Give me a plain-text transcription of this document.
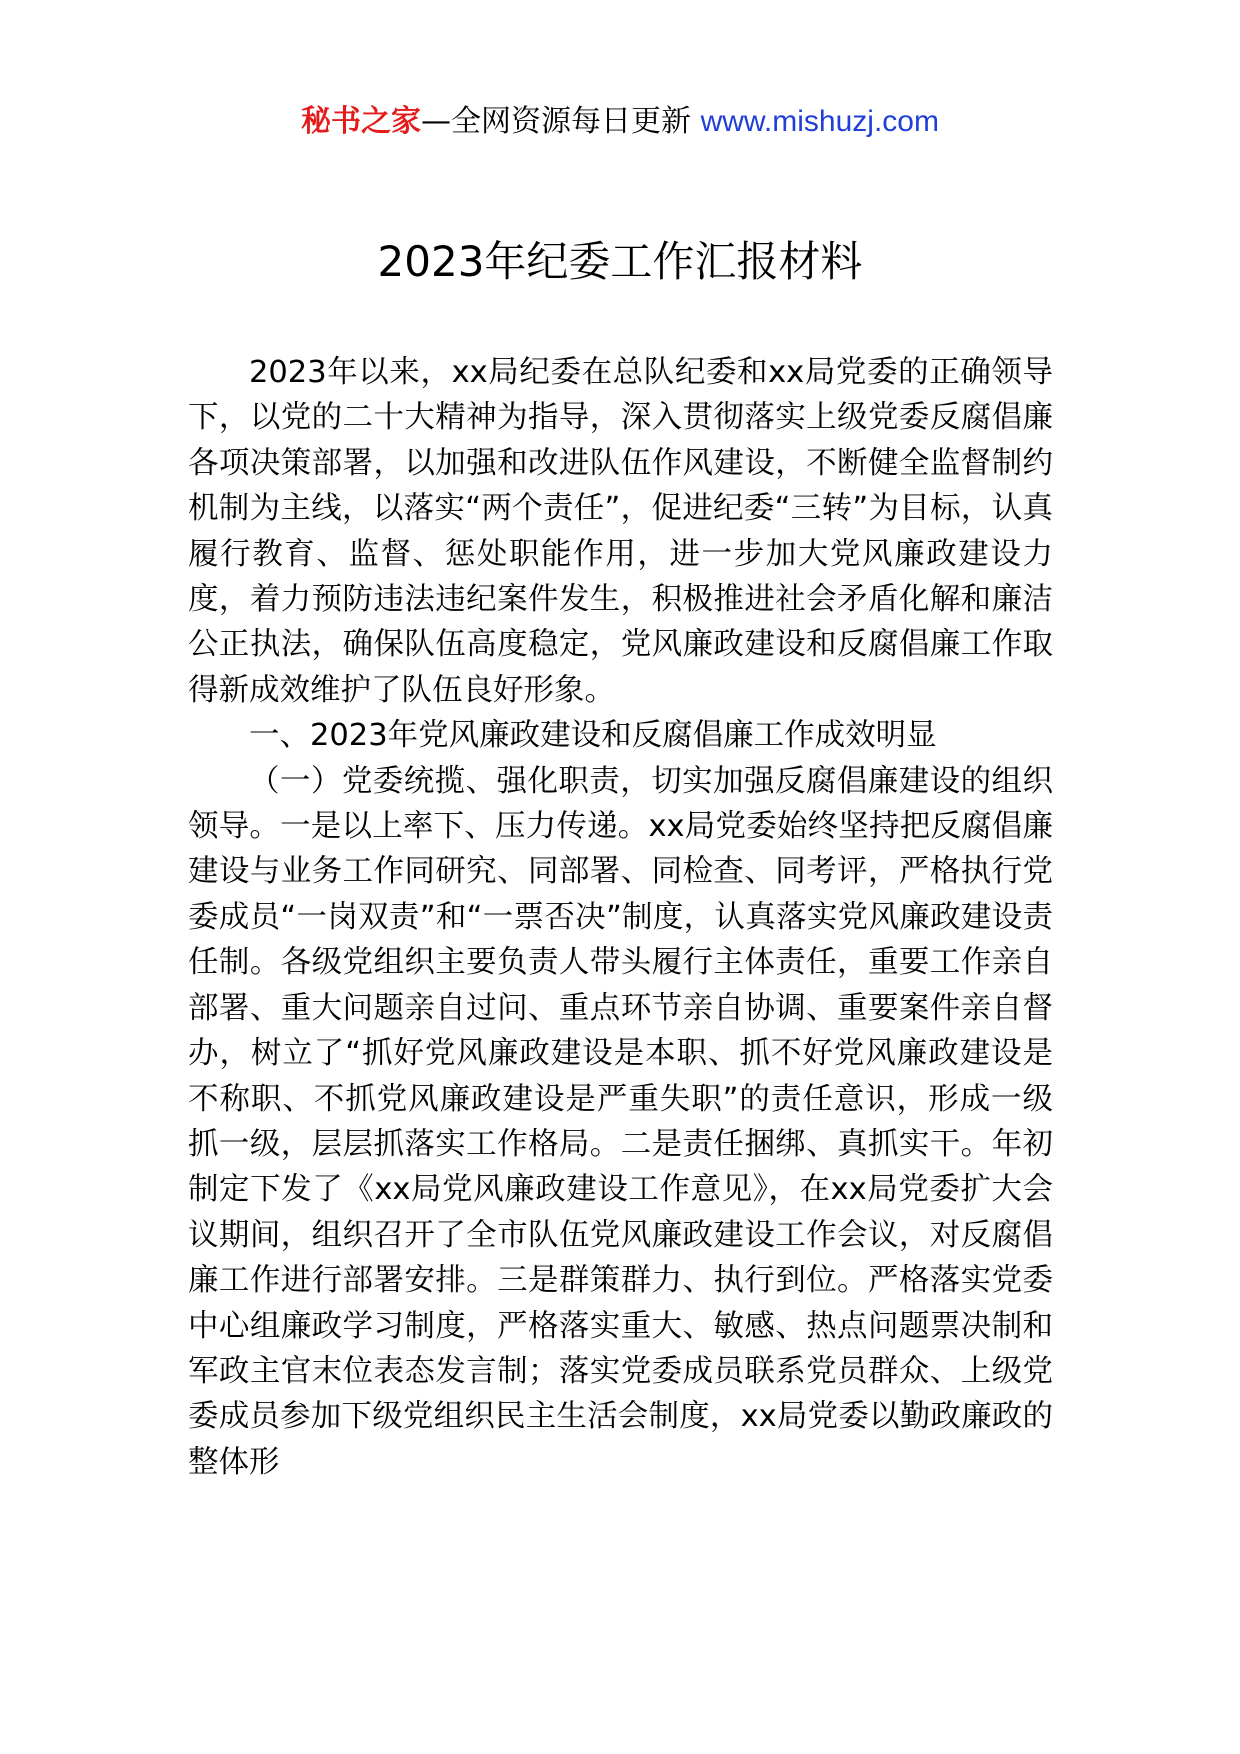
秘书之家—全网资源每日更新 www.mishuzj.com
2023年纪委工作汇报材料

2023年以来，xx局纪委在总队纪委和xx局党委的正确领导下，以党的二十大精神为指导，深入贯彻落实上级党委反腐倡廉各项决策部署，以加强和改进队伍作风建设，不断健全监督制约机制为主线，以落实“两个责任”，促进纪委“三转”为目标，认真履行教育、监督、惩处职能作用，进一步加大党风廉政建设力度，着力预防违法违纪案件发生，积极推进社会矛盾化解和廉洁公正执法，确保队伍高度稳定，党风廉政建设和反腐倡廉工作取得新成效维护了队伍良好形象。

一、2023年党风廉政建设和反腐倡廉工作成效明显

（一）党委统揽、强化职责，切实加强反腐倡廉建设的组织领导。一是以上率下、压力传递。xx局党委始终坚持把反腐倡廉建设与业务工作同研究、同部署、同检查、同考评，严格执行党委成员“一岗双责”和“一票否决”制度，认真落实党风廉政建设责任制。各级党组织主要负责人带头履行主体责任，重要工作亲自部署、重大问题亲自过问、重点环节亲自协调、重要案件亲自督办，树立了“抓好党风廉政建设是本职、抓不好党风廉政建设是不称职、不抓党风廉政建设是严重失职”的责任意识，形成一级抓一级，层层抓落实工作格局。二是责任捆绑、真抓实干。年初制定下发了《xx局党风廉政建设工作意见》，在xx局党委扩大会议期间，组织召开了全市队伍党风廉政建设工作会议，对反腐倡廉工作进行部署安排。三是群策群力、执行到位。严格落实党委中心组廉政学习制度，严格落实重大、敏感、热点问题票决制和军政主官末位表态发言制；落实党委成员联系党员群众、上级党委成员参加下级党组织民主生活会制度，xx局党委以勤政廉政的整体形
